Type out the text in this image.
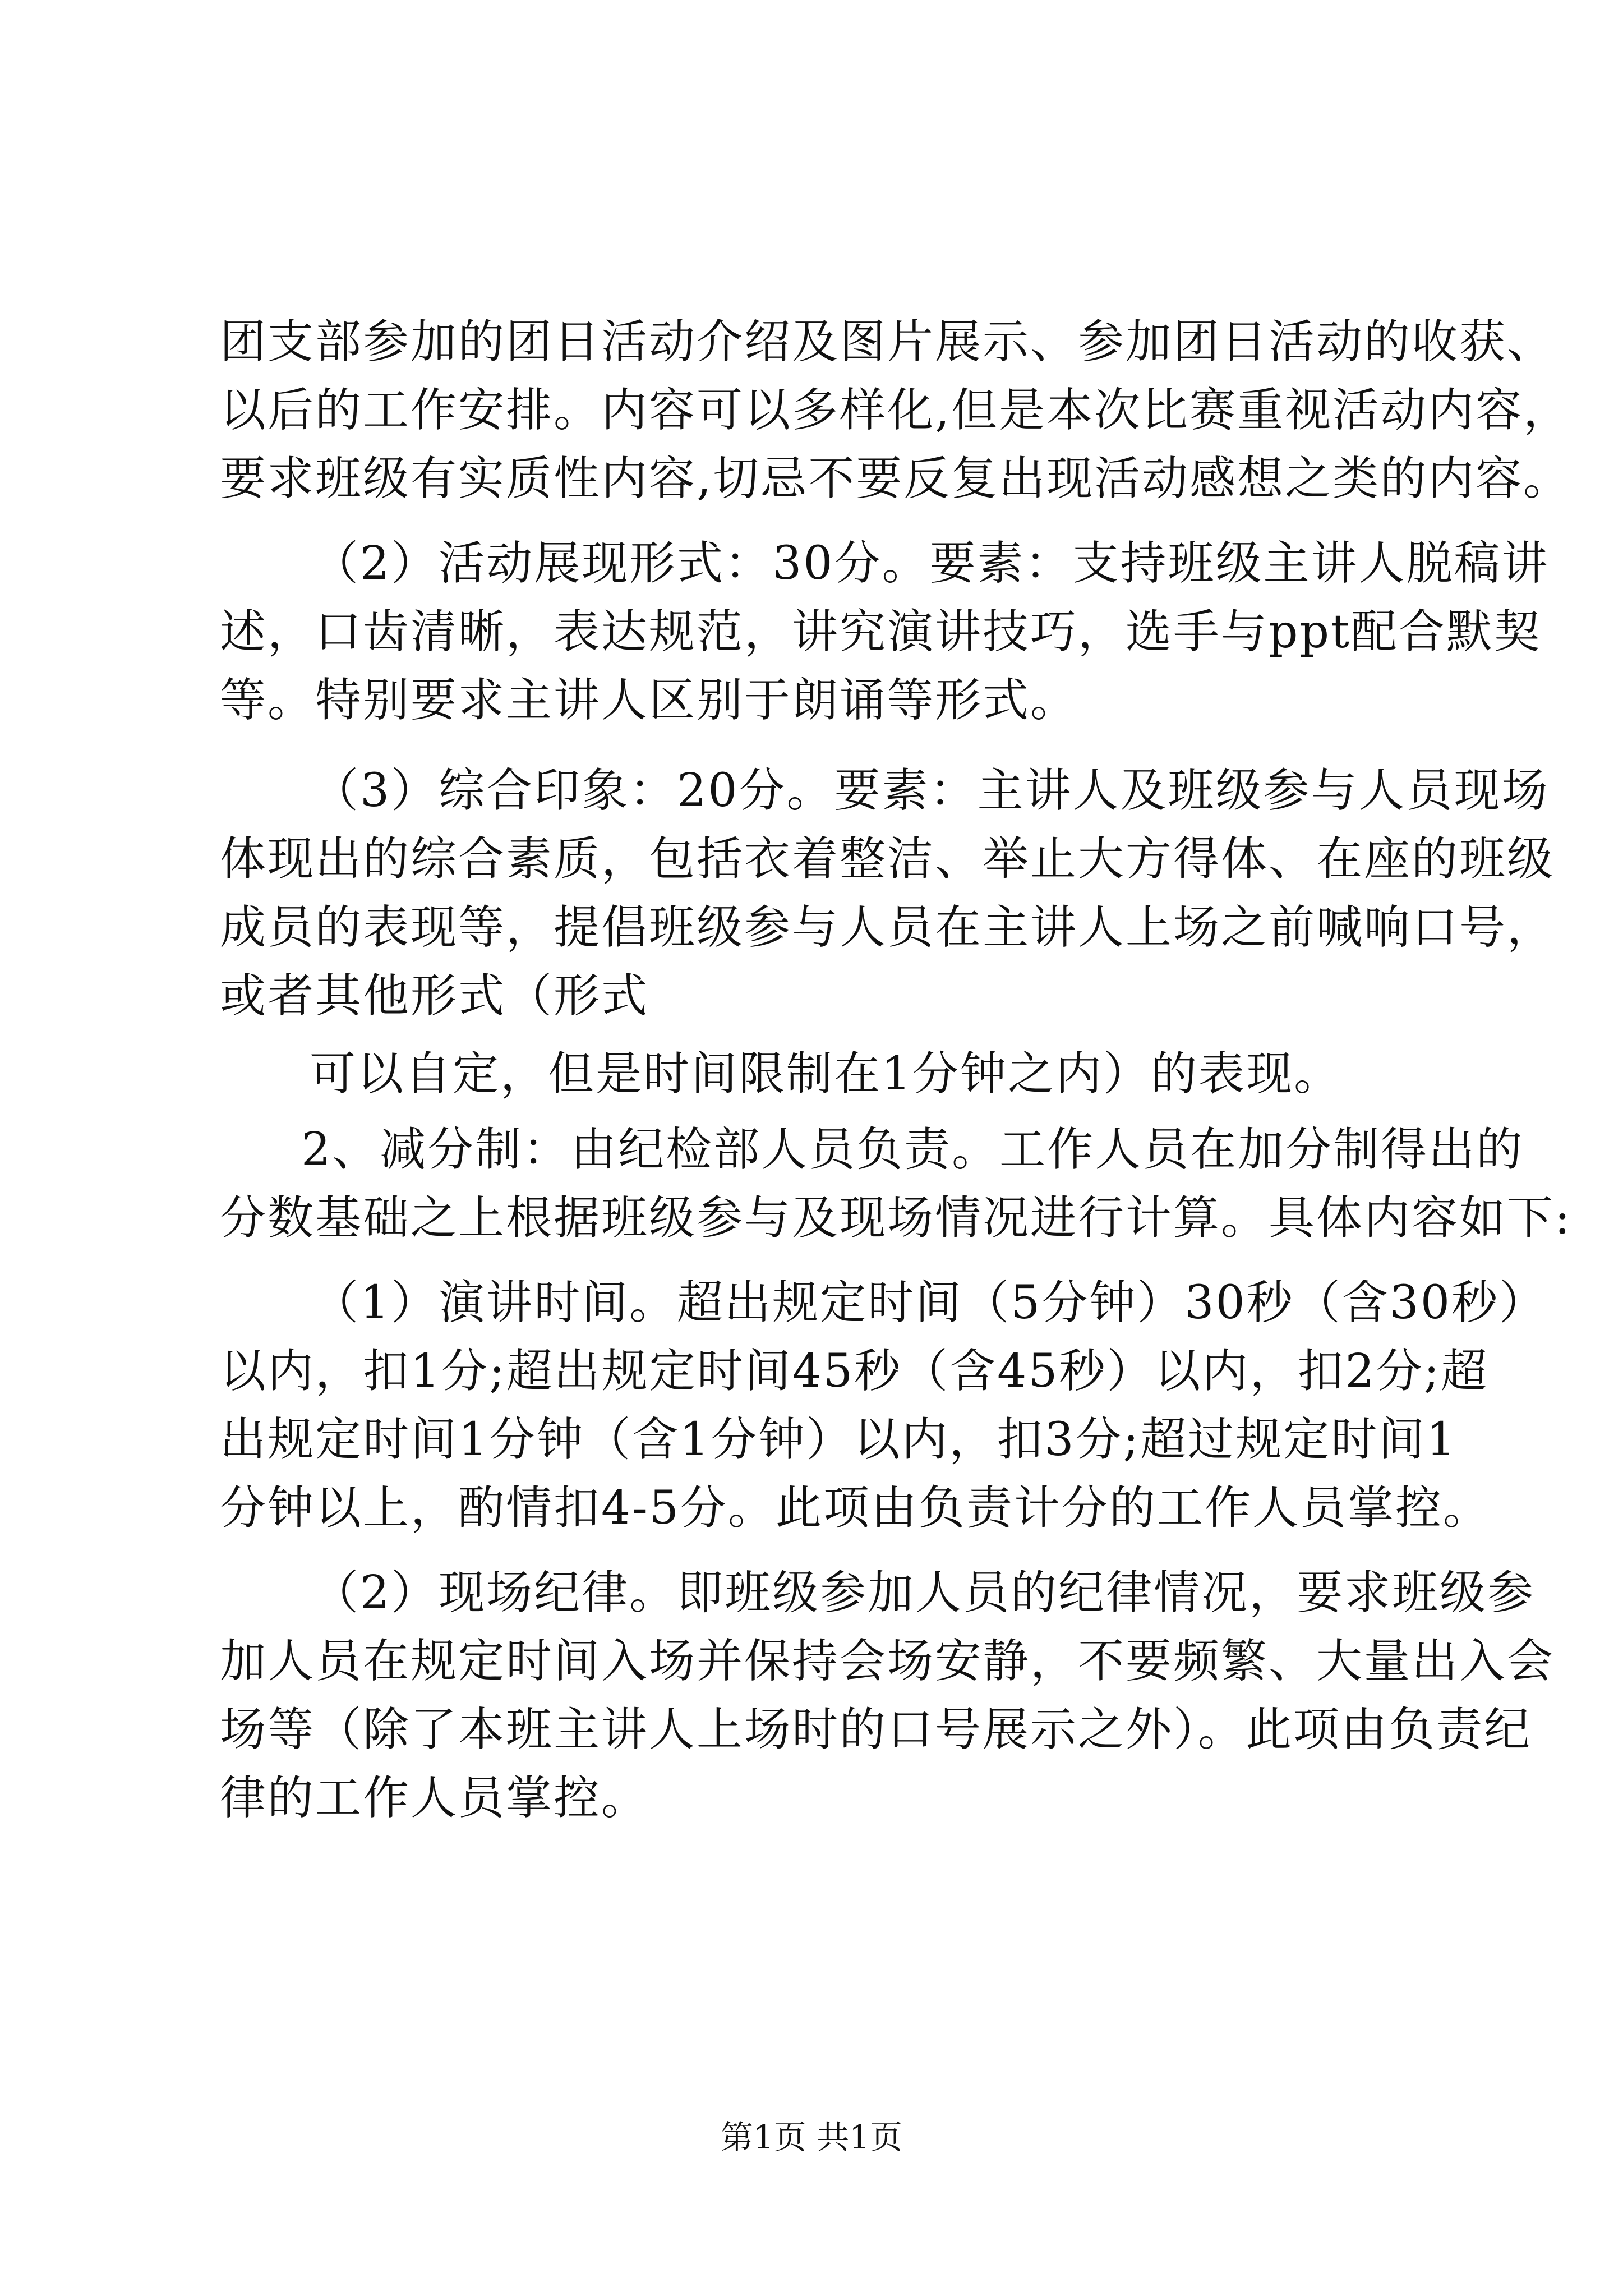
团支部参加的团日活动介绍及图片展示、参加团日活动的收获、
以后的工作安排。内容可以多样化,但是本次比赛重视活动内容，
要求班级有实质性内容,切忌不要反复出现活动感想之类的内容。
（2）活动展现形式：30分。要素：支持班级主讲人脱稿讲
述，口齿清晰，表达规范，讲究演讲技巧，选手与ppt配合默契
等。特别要求主讲人区别于朗诵等形式。
（3）综合印象：20分。要素：主讲人及班级参与人员现场
体现出的综合素质，包括衣着整洁、举止大方得体、在座的班级
成员的表现等，提倡班级参与人员在主讲人上场之前喊响口号，
或者其他形式（形式
可以自定，但是时间限制在1分钟之内）的表现。
2、减分制：由纪检部人员负责。工作人员在加分制得出的
分数基础之上根据班级参与及现场情况进行计算。具体内容如下:
（1）演讲时间。超出规定时间（5分钟）30秒（含30秒）
以内，扣1分;超出规定时间45秒（含45秒）以内，扣2分;超
出规定时间1分钟（含1分钟）以内，扣3分;超过规定时间1
分钟以上，酌情扣4-5分。此项由负责计分的工作人员掌控。
（2）现场纪律。即班级参加人员的纪律情况，要求班级参
加人员在规定时间入场并保持会场安静，不要频繁、大量出入会
场等（除了本班主讲人上场时的口号展示之外）。此项由负责纪
律的工作人员掌控。
第1页 共1页
